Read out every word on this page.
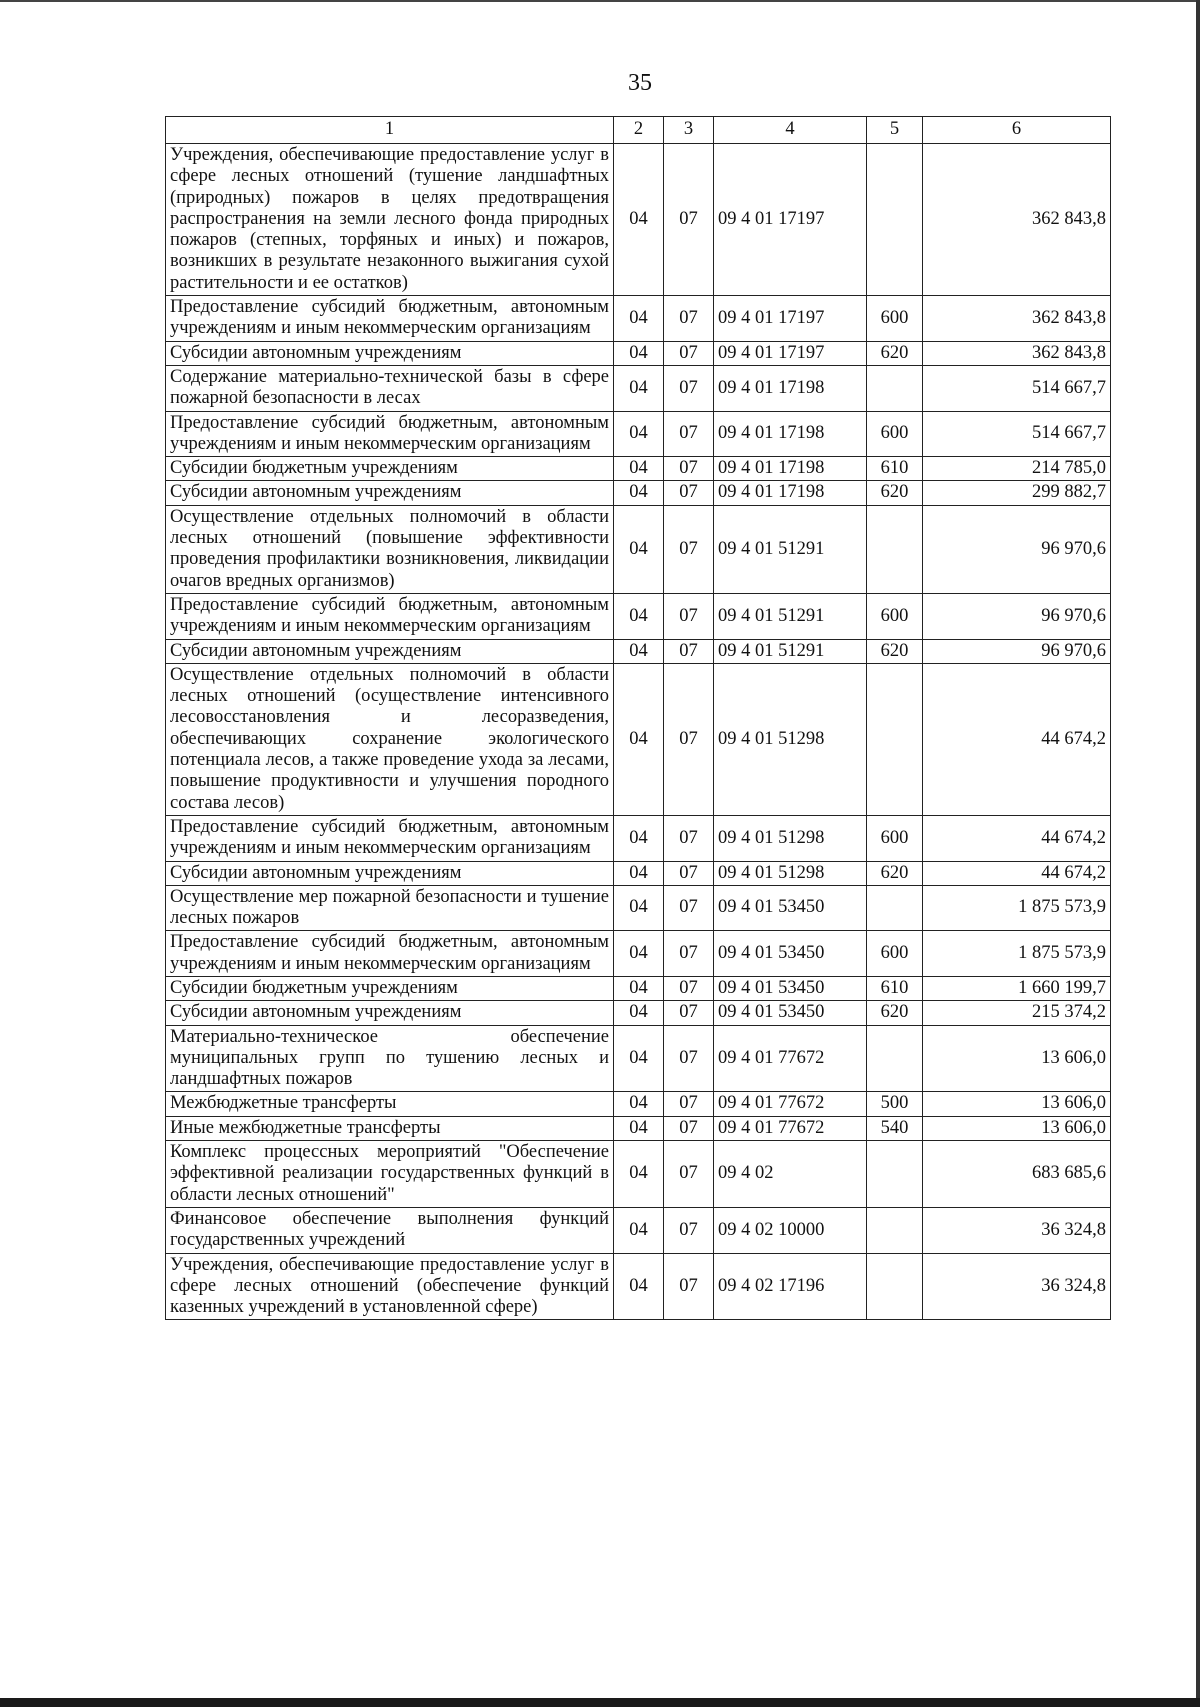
35
1	2	3	4	5	6
Учреждения, обеспечивающие предоставление услуг в сфере лесных отношений (тушение ландшафтных (природных) пожаров в целях предотвращения распространения на земли лесного фонда природных пожаров (степных, торфяных и иных) и пожаров, возникших в результате незаконного выжигания сухой растительности и ее остатков)	04	07	09 4 01 17197		362 843,8
Предоставление субсидий бюджетным, автономным учреждениям и иным некоммерческим организациям	04	07	09 4 01 17197	600	362 843,8
Субсидии автономным учреждениям	04	07	09 4 01 17197	620	362 843,8
Содержание материально-технической базы в сфере пожарной безопасности в лесах	04	07	09 4 01 17198		514 667,7
Предоставление субсидий бюджетным, автономным учреждениям и иным некоммерческим организациям	04	07	09 4 01 17198	600	514 667,7
Субсидии бюджетным учреждениям	04	07	09 4 01 17198	610	214 785,0
Субсидии автономным учреждениям	04	07	09 4 01 17198	620	299 882,7
Осуществление отдельных полномочий в области лесных отношений (повышение эффективности проведения профилактики возникновения, ликвидации очагов вредных организмов)	04	07	09 4 01 51291		96 970,6
Предоставление субсидий бюджетным, автономным учреждениям и иным некоммерческим организациям	04	07	09 4 01 51291	600	96 970,6
Субсидии автономным учреждениям	04	07	09 4 01 51291	620	96 970,6
Осуществление отдельных полномочий в области лесных отношений (осуществление интенсивного лесовосстановления и лесоразведения, обеспечивающих сохранение экологического потенциала лесов, а также проведение ухода за лесами, повышение продуктивности и улучшения породного состава лесов)	04	07	09 4 01 51298		44 674,2
Предоставление субсидий бюджетным, автономным учреждениям и иным некоммерческим организациям	04	07	09 4 01 51298	600	44 674,2
Субсидии автономным учреждениям	04	07	09 4 01 51298	620	44 674,2
Осуществление мер пожарной безопасности и тушение лесных пожаров	04	07	09 4 01 53450		1 875 573,9
Предоставление субсидий бюджетным, автономным учреждениям и иным некоммерческим организациям	04	07	09 4 01 53450	600	1 875 573,9
Субсидии бюджетным учреждениям	04	07	09 4 01 53450	610	1 660 199,7
Субсидии автономным учреждениям	04	07	09 4 01 53450	620	215 374,2
Материально-техническое обеспечение муниципальных групп по тушению лесных и ландшафтных пожаров	04	07	09 4 01 77672		13 606,0
Межбюджетные трансферты	04	07	09 4 01 77672	500	13 606,0
Иные межбюджетные трансферты	04	07	09 4 01 77672	540	13 606,0
Комплекс процессных мероприятий "Обеспечение эффективной реализации государственных функций в области лесных отношений"	04	07	09 4 02		683 685,6
Финансовое обеспечение выполнения функций государственных учреждений	04	07	09 4 02 10000		36 324,8
Учреждения, обеспечивающие предоставление услуг в сфере лесных отношений (обеспечение функций казенных учреждений в установленной сфере)	04	07	09 4 02 17196		36 324,8
